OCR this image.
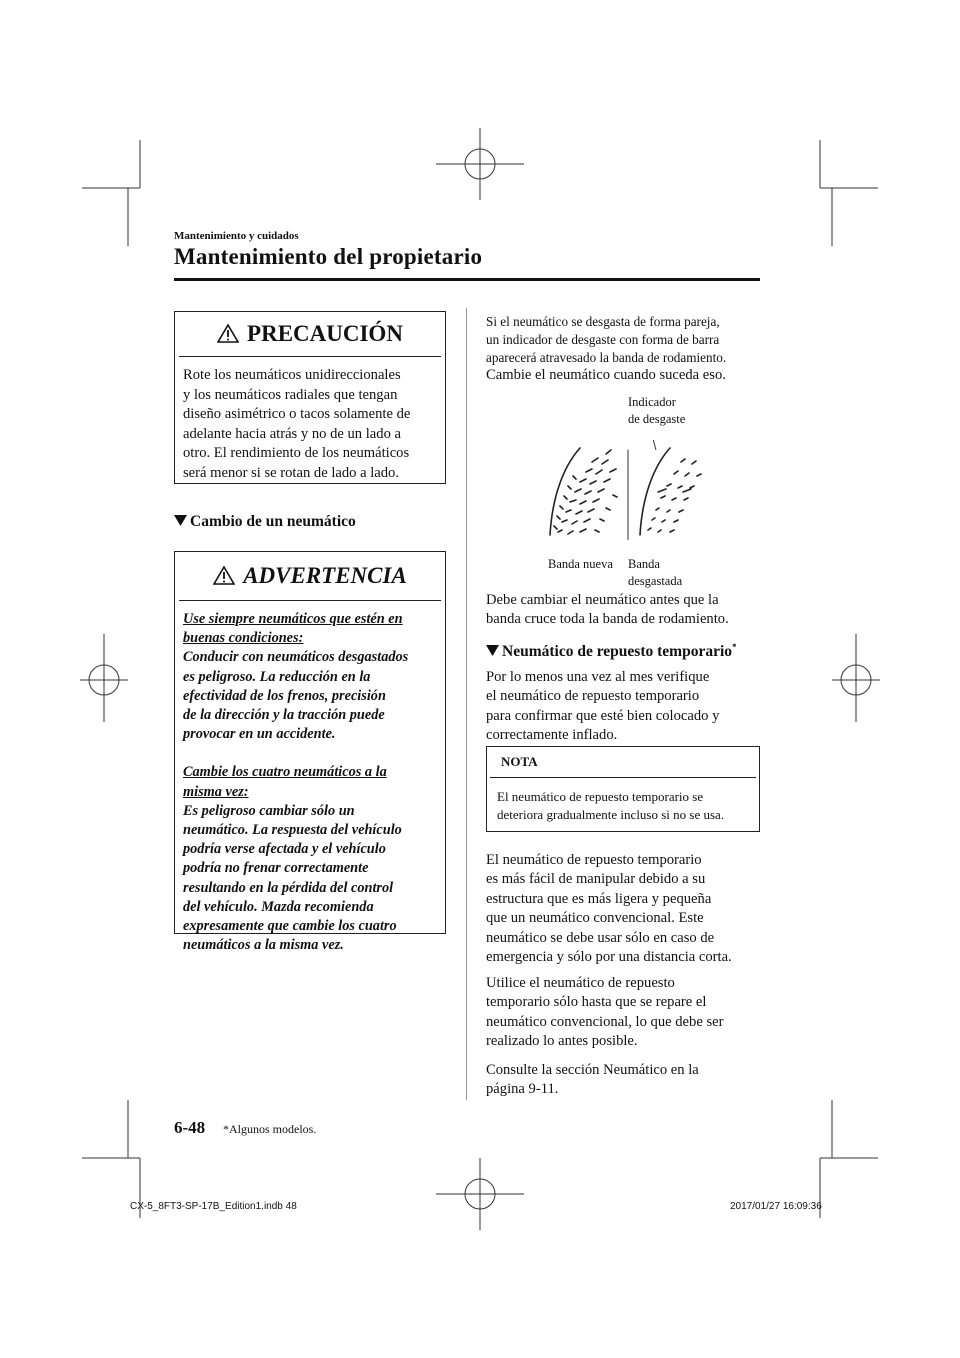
Mantenimiento y cuidados
Mantenimiento del propietario
PRECAUCIÓN
Rote los neumáticos unidireccionales
y los neumáticos radiales que tengan
diseño asimétrico o tacos solamente de
adelante hacia atrás y no de un lado a
otro. El rendimiento de los neumáticos
será menor si se rotan de lado a lado.
Cambio de un neumático
ADVERTENCIA
Use siempre neumáticos que estén en
buenas condiciones:
Conducir con neumáticos desgastados
es peligroso. La reducción en la
efectividad de los frenos, precisión
de la dirección y la tracción puede
provocar en un accidente.
Cambie los cuatro neumáticos a la
misma vez:
Es peligroso cambiar sólo un
neumático. La respuesta del vehículo
podría verse afectada y el vehículo
podría no frenar correctamente
resultando en la pérdida del control
del vehículo. Mazda recomienda
expresamente que cambie los cuatro
neumáticos a la misma vez.
Si el neumático se desgasta de forma pareja,
un indicador de desgaste con forma de barra
aparecerá atravesado la banda de rodamiento.
Cambie el neumático cuando suceda eso.
Indicador
de desgaste
Banda nueva Banda
desgastada
Debe cambiar el neumático antes que la
banda cruce toda la banda de rodamiento.
Neumático de repuesto temporario*
Por lo menos una vez al mes verifique
el neumático de repuesto temporario
para confirmar que esté bien colocado y
correctamente inflado.
NOTA
El neumático de repuesto temporario se
deteriora gradualmente incluso si no se usa.
El neumático de repuesto temporario
es más fácil de manipular debido a su
estructura que es más ligera y pequeña
que un neumático convencional. Este
neumático se debe usar sólo en caso de
emergencia y sólo por una distancia corta.
Utilice el neumático de repuesto
temporario sólo hasta que se repare el
neumático convencional, lo que debe ser
realizado lo antes posible.
Consulte la sección Neumático en la
página 9-11.
6-48 *Algunos modelos.
CX-5_8FT3-SP-17B_Edition1.indb 48	2017/01/27 16:09:36
